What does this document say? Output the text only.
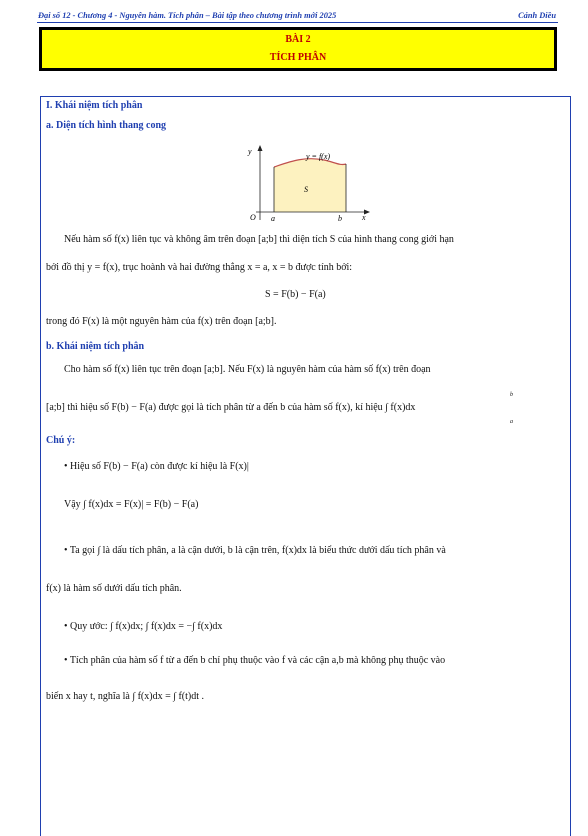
Đại số 12 - Chương 4 - Nguyên hàm. Tích phân – Bài tập theo chương trình mới 2025	Cánh Diều
BÀI 2
TÍCH PHÂN
I. Khái niệm tích phân
a. Diện tích hình thang cong
y
x
O a	b
y = f(x)
S
Nếu hàm số f(x) liên tục và không âm trên đoạn [a;b] thì diện tích S của hình thang cong giới hạn
bởi đồ thị y = f(x), trục hoành và hai đường thẳng x = a, x = b được tính bởi:
S = F(b) − F(a)
trong đó F(x) là một nguyên hàm của f(x) trên đoạn [a;b].
b. Khái niệm tích phân
Cho hàm số f(x) liên tục trên đoạn [a;b]. Nếu F(x) là nguyên hàm của hàm số f(x) trên đoạn
[a;b] thì hiệu số F(b) − F(a) được gọi là tích phân từ a đến b của hàm số f(x), kí hiệu ∫ f(x)dx
b
a
Chú ý:
• Hiệu số F(b) − F(a) còn được kí hiệu là F(x)|
Vậy ∫ f(x)dx = F(x)| = F(b) − F(a)
• Ta gọi ∫ là dấu tích phân, a là cận dưới, b là cận trên, f(x)dx là biểu thức dưới dấu tích phân và
f(x) là hàm số dưới dấu tích phân.
• Quy ước: ∫ f(x)dx; ∫ f(x)dx = −∫ f(x)dx
• Tích phân của hàm số f từ a đến b chỉ phụ thuộc vào f và các cận a,b mà không phụ thuộc vào
biến x hay t, nghĩa là ∫ f(x)dx = ∫ f(t)dt .
